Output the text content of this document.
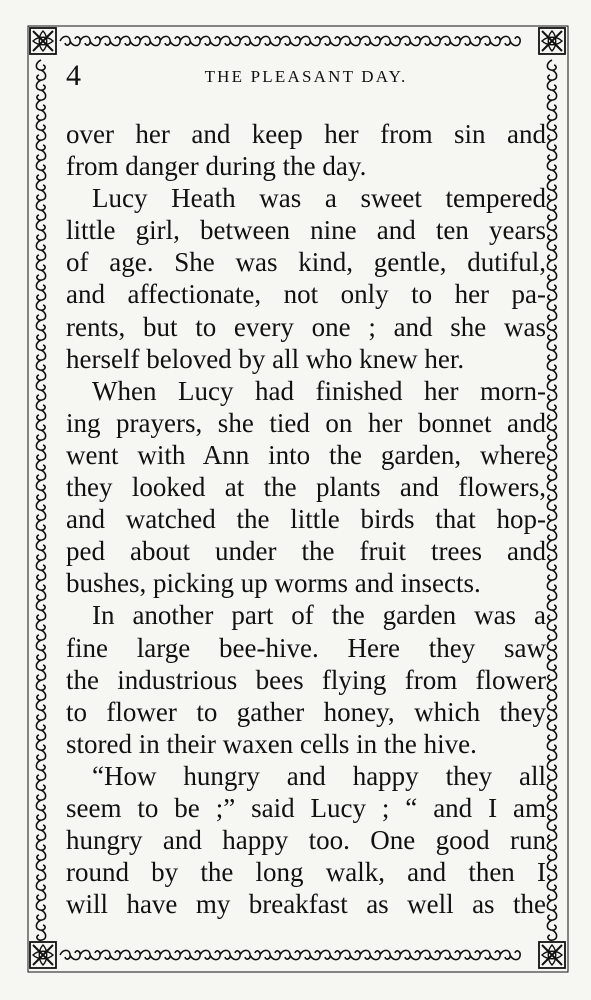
4	THE PLEASANT DAY.
over her and keep her from sin and
from danger during the day.
Lucy Heath was a sweet tempered
little girl, between nine and ten years
of age. She was kind, gentle, dutiful,
and affectionate, not only to her pa-
rents, but to every one ; and she was
herself beloved by all who knew her.
When Lucy had finished her morn-
ing prayers, she tied on her bonnet and
went with Ann into the garden, where
they looked at the plants and flowers,
and watched the little birds that hop-
ped about under the fruit trees and
bushes, picking up worms and insects.
In another part of the garden was a
fine large bee-hive. Here they saw
the industrious bees flying from flower
to flower to gather honey, which they
stored in their waxen cells in the hive.
“How hungry and happy they all
seem to be ;” said Lucy ; “ and I am
hungry and happy too. One good run
round by the long walk, and then I
will have my breakfast as well as the
